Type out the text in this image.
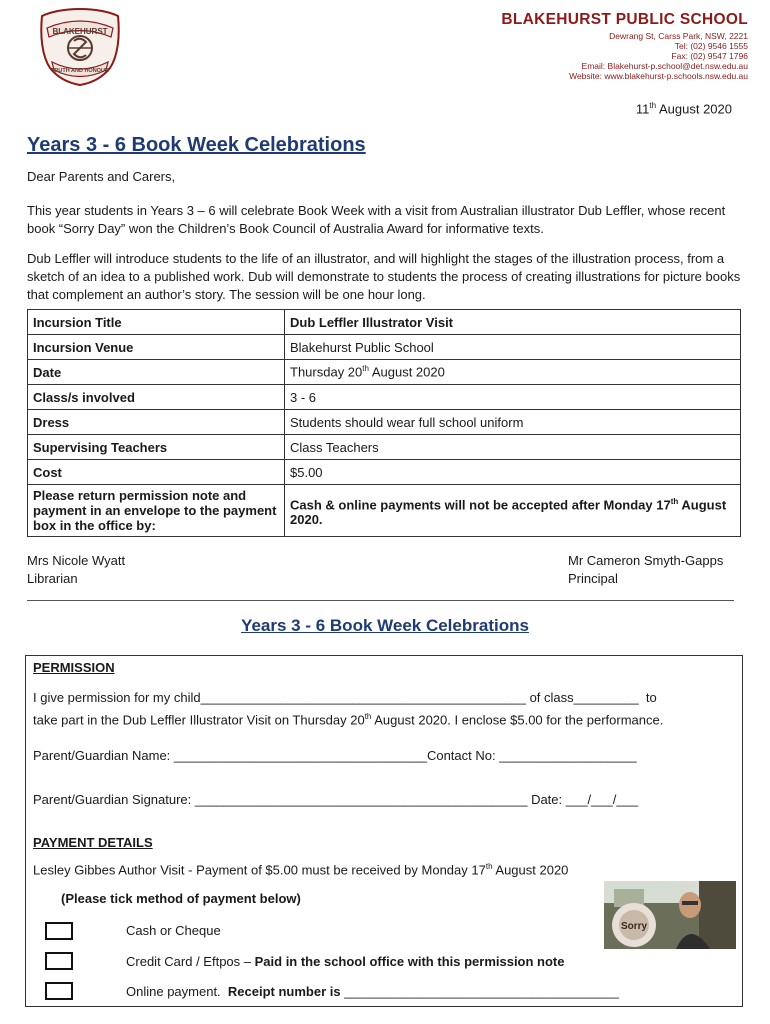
BLAKEHURST
TRUTH AND HONOUR
BLAKEHURST PUBLIC SCHOOL
Dewrang St, Carss Park, NSW, 2221
Tel: (02) 9546 1555
Fax: (02) 9547 1796
Email: Blakehurst-p.school@det.nsw.edu.au
Website: www.blakehurst-p.schools.nsw.edu.au
11th August 2020
Years 3 - 6 Book Week Celebrations
Dear Parents and Carers,
This year students in Years 3 – 6 will celebrate Book Week with a visit from Australian illustrator Dub Leffler, whose recent book “Sorry Day” won the Children’s Book Council of Australia Award for informative texts.
Dub Leffler will introduce students to the life of an illustrator, and will highlight the stages of the illustration process, from a sketch of an idea to a published work. Dub will demonstrate to students the process of creating illustrations for picture books that complement an author’s story. The session will be one hour long.
Incursion Title	Dub Leffler Illustrator Visit
Incursion Venue	Blakehurst Public School
Date	Thursday 20th August 2020
Class/s involved	3 - 6
Dress	Students should wear full school uniform
Supervising Teachers	Class Teachers
Cost	$5.00
Please return permission note and payment in an envelope to the payment box in the office by:	Cash & online payments will not be accepted after Monday 17th August 2020.
Mrs Nicole Wyatt
Librarian
Mr Cameron Smyth-Gapps
Principal
Years 3 - 6 Book Week Celebrations
PERMISSION
I give permission for my child_____________________________________________ of class_________  to
take part in the Dub Leffler Illustrator Visit on Thursday 20th August 2020. I enclose $5.00 for the performance.
Parent/Guardian Name: ___________________________________Contact No: ___________________
Parent/Guardian Signature: ______________________________________________ Date: ___/___/___
PAYMENT DETAILS
Lesley Gibbes Author Visit - Payment of $5.00 must be received by Monday 17th August 2020
(Please tick method of payment below)
Cash or Cheque
Credit Card / Eftpos – Paid in the school office with this permission note
Online payment.  Receipt number is ______________________________________
Sorry
